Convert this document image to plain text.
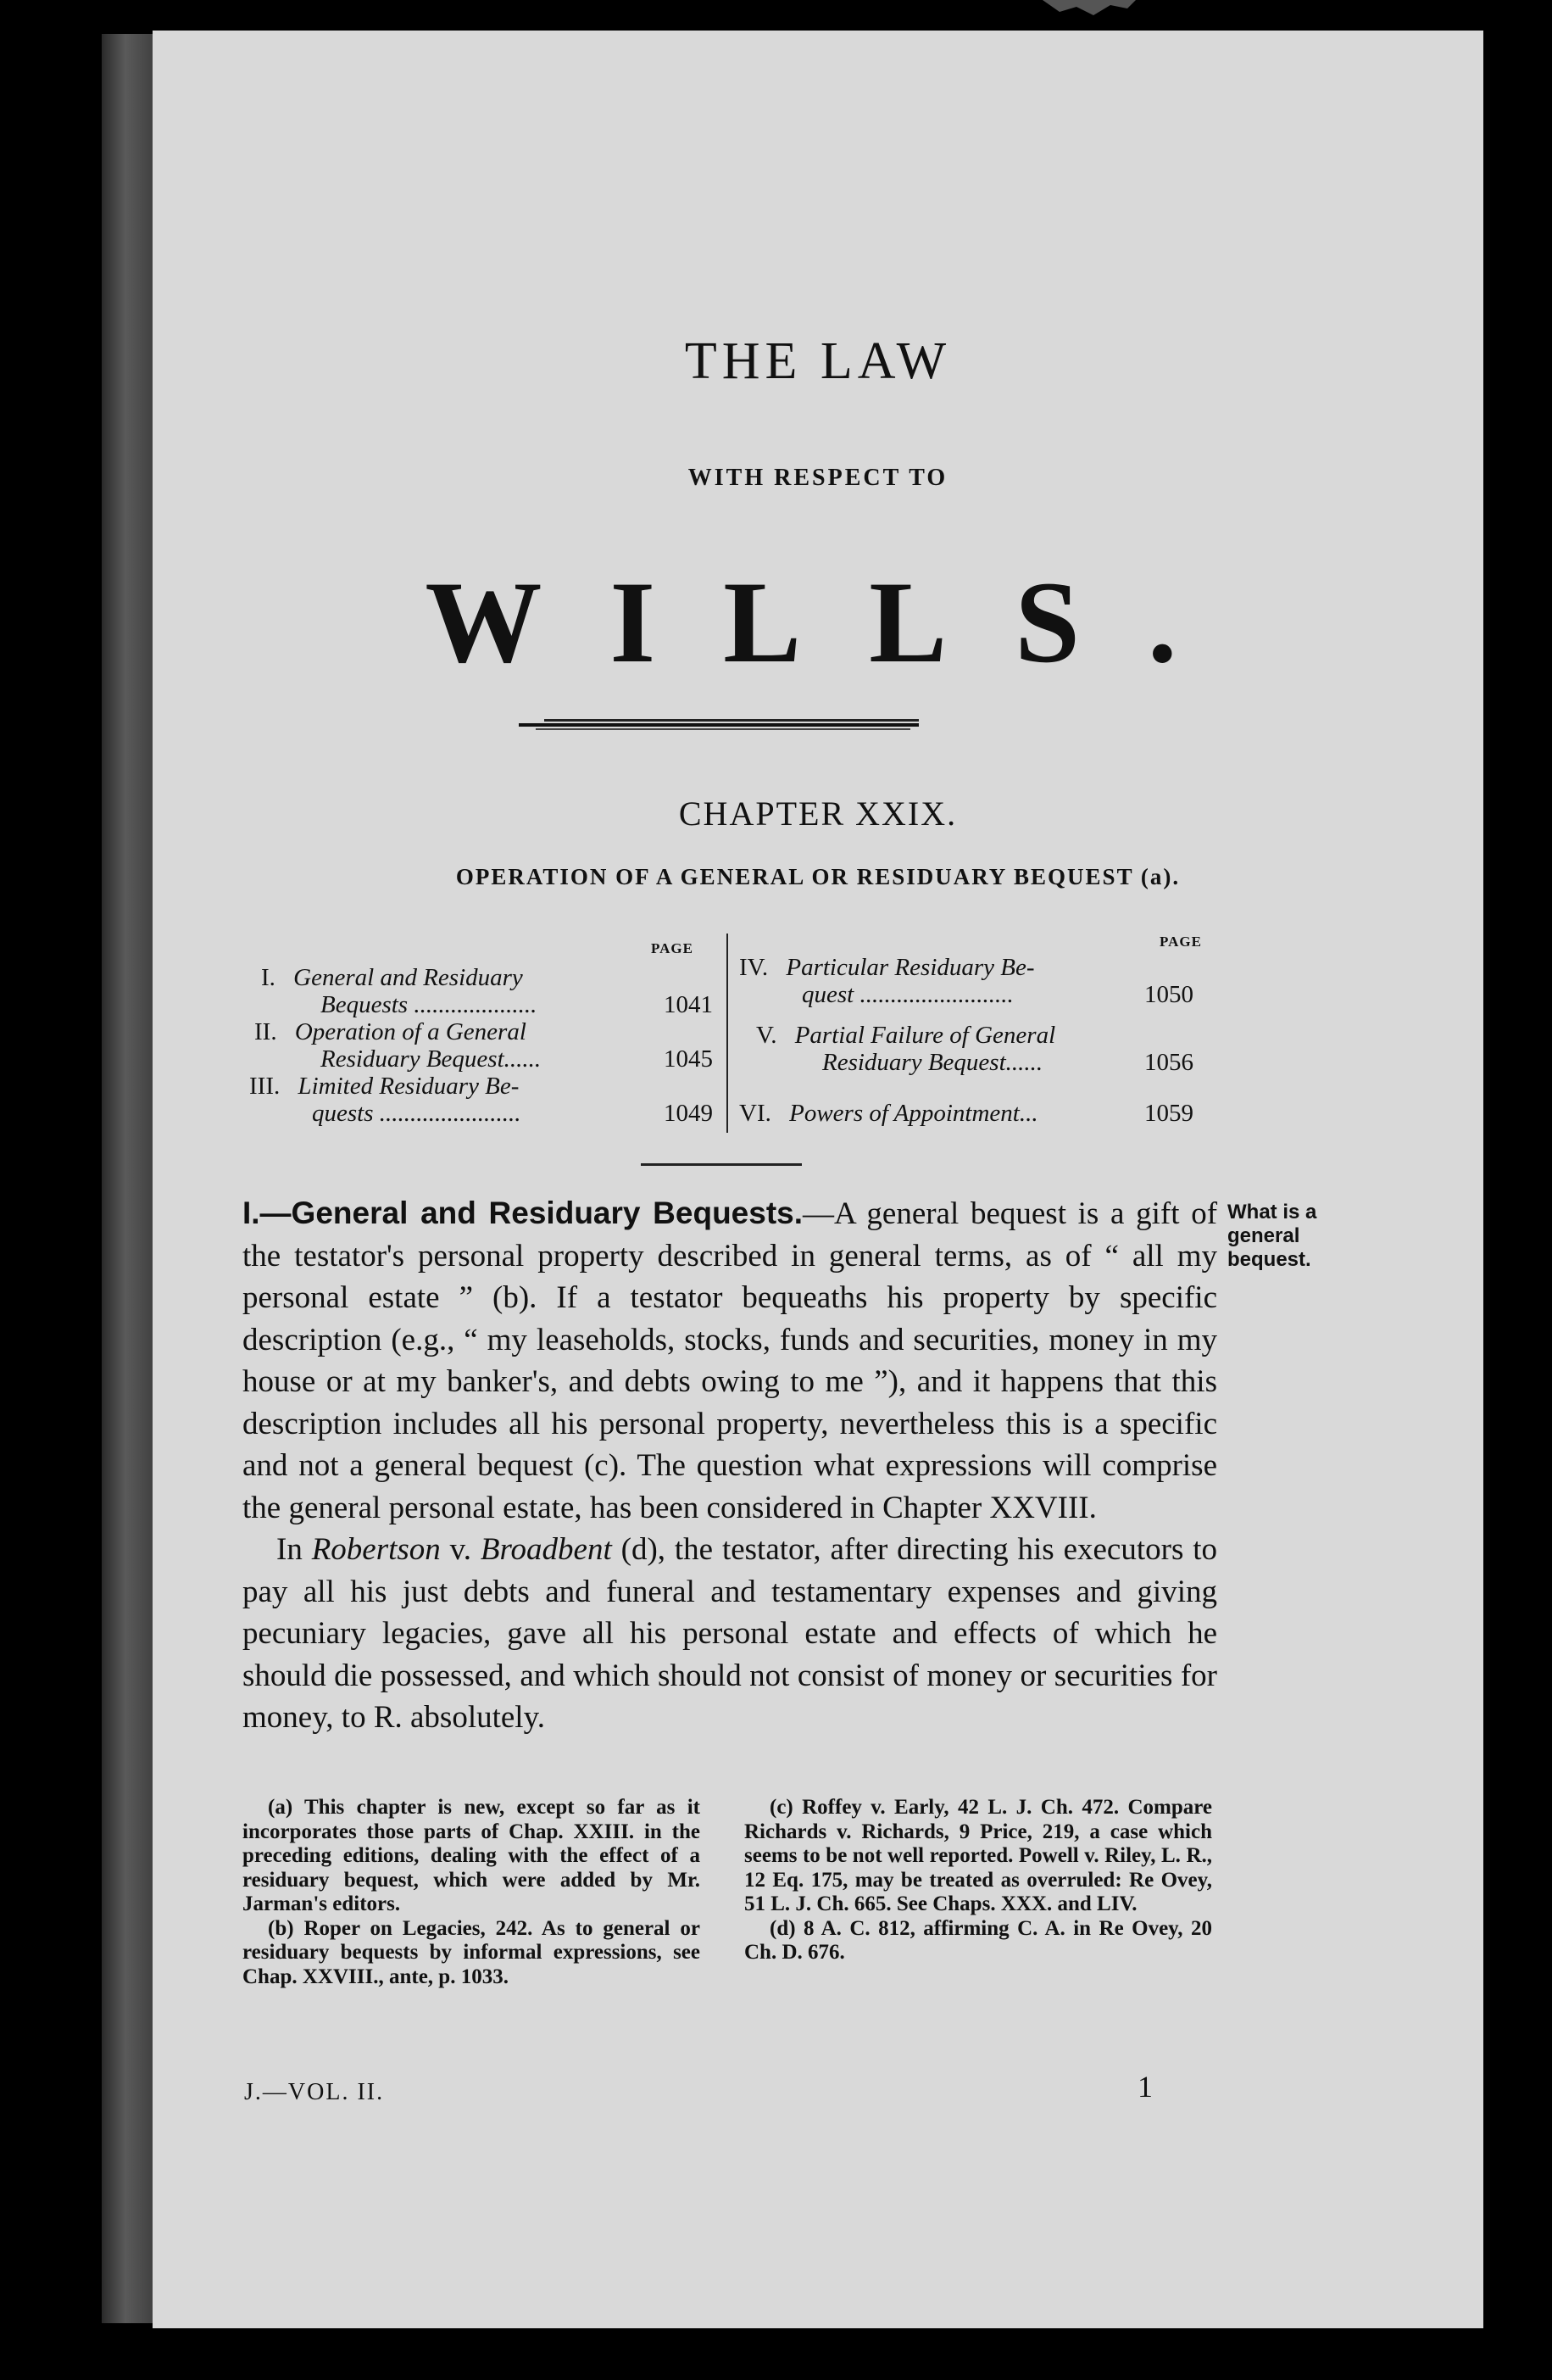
THE LAW
WITH RESPECT TO
WILLS.
CHAPTER XXIX.
OPERATION OF A GENERAL OR RESIDUARY BEQUEST (a).
PAGE	PAGE
I. General and Residuary
Bequests ....................	1041
II. Operation of a General
Residuary Bequest......	1045
III. Limited Residuary Be-
quests .......................	1049
IV. Particular Residuary Be-
quest .........................	1050
V. Partial Failure of General
Residuary Bequest......	1056
VI. Powers of Appointment...	1059

I.—General and Residuary Bequests.—A general bequest is a gift of the testator's personal property described in general terms, as of “ all my personal estate ” (b). If a testator bequeaths his property by specific description (e.g., “ my leaseholds, stocks, funds and securities, money in my house or at my banker's, and debts owing to me ”), and it happens that this description includes all his personal property, nevertheless this is a specific and not a general bequest (c). The question what expressions will comprise the general personal estate, has been considered in Chapter XXVIII.

In Robertson v. Broadbent (d), the testator, after directing his executors to pay all his just debts and funeral and testamentary expenses and giving pecuniary legacies, gave all his personal estate and effects of which he should die possessed, and which should not consist of money or securities for money, to R. absolutely.

What is a general bequest.

(a) This chapter is new, except so far as it incorporates those parts of Chap. XXIII. in the preceding editions, dealing with the effect of a residuary bequest, which were added by Mr. Jarman's editors.

(b) Roper on Legacies, 242. As to general or residuary bequests by informal expressions, see Chap. XXVIII., ante, p. 1033.

(c) Roffey v. Early, 42 L. J. Ch. 472. Compare Richards v. Richards, 9 Price, 219, a case which seems to be not well reported. Powell v. Riley, L. R., 12 Eq. 175, may be treated as overruled: Re Ovey, 51 L. J. Ch. 665. See Chaps. XXX. and LIV.

(d) 8 A. C. 812, affirming C. A. in Re Ovey, 20 Ch. D. 676.

J.—VOL. II.	1
